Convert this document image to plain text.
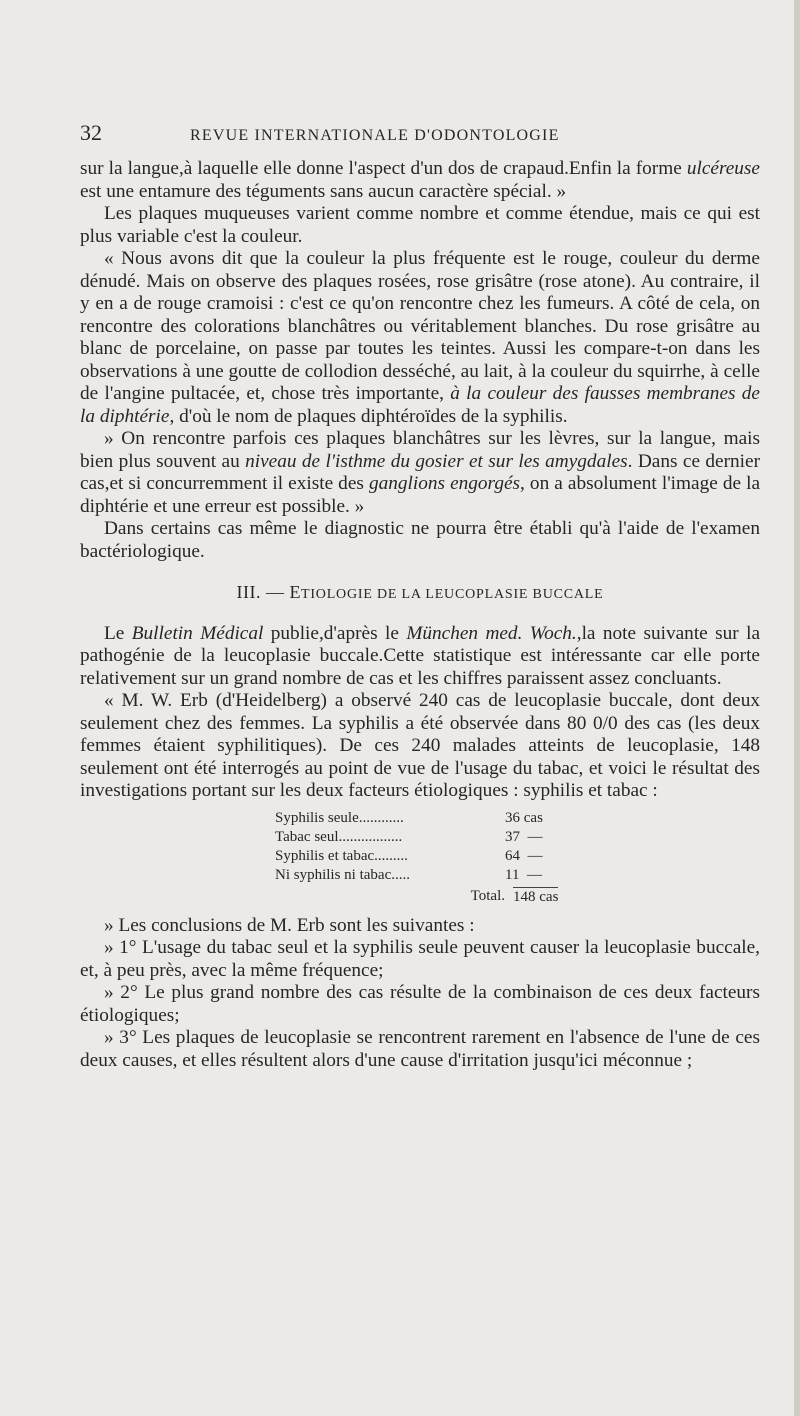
32	REVUE INTERNATIONALE D'ODONTOLOGIE

sur la langue,à laquelle elle donne l'aspect d'un dos de crapaud.Enfin la forme ulcéreuse est une entamure des téguments sans aucun caractère spécial. »

Les plaques muqueuses varient comme nombre et comme étendue, mais ce qui est plus variable c'est la couleur.

« Nous avons dit que la couleur la plus fréquente est le rouge, couleur du derme dénudé. Mais on observe des plaques rosées, rose grisâtre (rose atone). Au contraire, il y en a de rouge cramoisi : c'est ce qu'on rencontre chez les fumeurs. A côté de cela, on rencontre des colorations blanchâtres ou véritablement blanches. Du rose grisâtre au blanc de porcelaine, on passe par toutes les teintes. Aussi les compare-t-on dans les observations à une goutte de collodion desséché, au lait, à la couleur du squirrhe, à celle de l'angine pultacée, et, chose très importante, à la couleur des fausses membranes de la diphtérie, d'où le nom de plaques diphtéroïdes de la syphilis.

» On rencontre parfois ces plaques blanchâtres sur les lèvres, sur la langue, mais bien plus souvent au niveau de l'isthme du gosier et sur les amygdales. Dans ce dernier cas,et si concurremment il existe des ganglions engorgés, on a absolument l'image de la diphtérie et une erreur est possible. »

Dans certains cas même le diagnostic ne pourra être établi qu'à l'aide de l'examen bactériologique.

III. — ETIOLOGIE DE LA LEUCOPLASIE BUCCALE

Le Bulletin Médical publie,d'après le München med. Woch.,la note suivante sur la pathogénie de la leucoplasie buccale.Cette statistique est intéressante car elle porte relativement sur un grand nombre de cas et les chiffres paraissent assez concluants.

« M. W. Erb (d'Heidelberg) a observé 240 cas de leucoplasie buccale, dont deux seulement chez des femmes. La syphilis a été observée dans 80 0/0 des cas (les deux femmes étaient syphilitiques). De ces 240 malades atteints de leucoplasie, 148 seulement ont été interrogés au point de vue de l'usage du tabac, et voici le résultat des investigations portant sur les deux facteurs étiologiques : syphilis et tabac :

Syphilis seule............	36 cas
Tabac seul.................	37  —
Syphilis et tabac.........	64  —
Ni syphilis ni tabac.....	11  —
Total. 148 cas

» Les conclusions de M. Erb sont les suivantes :

» 1° L'usage du tabac seul et la syphilis seule peuvent causer la leucoplasie buccale, et, à peu près, avec la même fréquence;

» 2° Le plus grand nombre des cas résulte de la combinaison de ces deux facteurs étiologiques;

» 3° Les plaques de leucoplasie se rencontrent rarement en l'absence de l'une de ces deux causes, et elles résultent alors d'une cause d'irritation jusqu'ici méconnue ;
